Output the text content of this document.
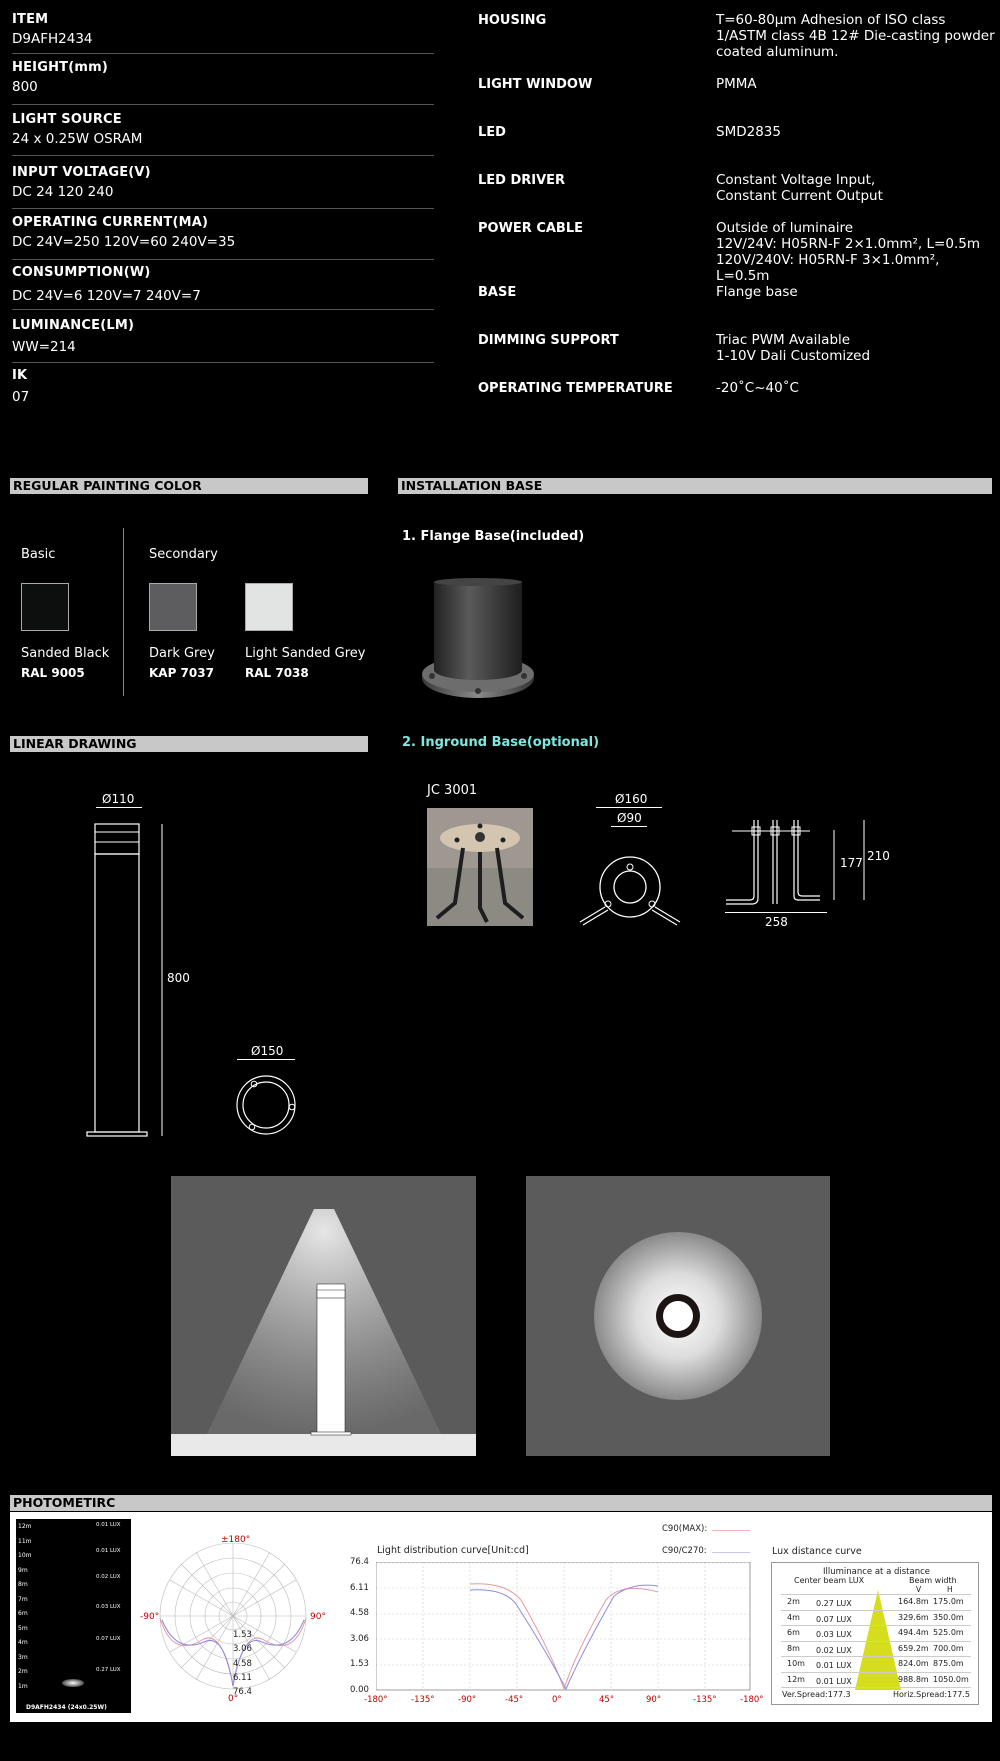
ITEM
D9AFH2434
HEIGHT(mm)
800
LIGHT SOURCE
24 x 0.25W OSRAM
INPUT VOLTAGE(V)
DC 24 120 240
OPERATING CURRENT(MA)
DC 24V=250 120V=60 240V=35
CONSUMPTION(W)
DC 24V=6 120V=7 240V=7
LUMINANCE(LM)
WW=214
IK
07
HOUSING	T=60-80μm Adhesion of ISO class 1/ASTM class 4B 12# Die-casting powder coated aluminum.
LIGHT WINDOW	PMMA
LED	SMD2835
LED DRIVER	Constant Voltage Input,
Constant Current Output
POWER CABLE	Outside of luminaire
12V/24V: H05RN-F 2×1.0mm², L=0.5m
120V/240V: H05RN-F 3×1.0mm², L=0.5m
BASE	Flange base
DIMMING SUPPORT	Triac PWM Available
1-10V Dali Customized
OPERATING TEMPERATURE	-20˚C~40˚C
REGULAR PAINTING COLOR	INSTALLATION BASE
LINEAR DRAWING
Basic	Secondary
Sanded Black
RAL 9005
Dark Grey
KAP 7037
Light Sanded Grey
RAL 7038
1. Flange Base(included)
2. Inground Base(optional)
JC 3001
Ø160
Ø90
177 210
258
Ø110
800
Ø150
PHOTOMETIRC
12m
11m
10m
9m
8m
7m
6m
5m
4m
3m
2m
1m
0.01 LUX
0.01 LUX
0.02 LUX
0.03 LUX
0.07 LUX
0.27 LUX
D9AFH2434 (24x0.25W)
±180°
-90°	90°
0°
1.53
3.06
4.58
6.11
76.4
Light distribution curve[Unit:cd]
C90(MAX):
C90/C270:
76.4
6.11
4.58
3.06
1.53
0.00
-180°	-135°	-90°	-45°	0°	45°	90°	-135°	-180°
Lux distance curve
Illuminance at a distance
Center beam LUX	Beam width
V	H
2m 0.27 LUX	164.8m 175.0m
4m 0.07 LUX	329.6m 350.0m
6m 0.03 LUX	494.4m 525.0m
8m 0.02 LUX	659.2m 700.0m
10m 0.01 LUX	824.0m 875.0m
12m 0.01 LUX	988.8m 1050.0m
Ver.Spread:177.3	Horiz.Spread:177.5
